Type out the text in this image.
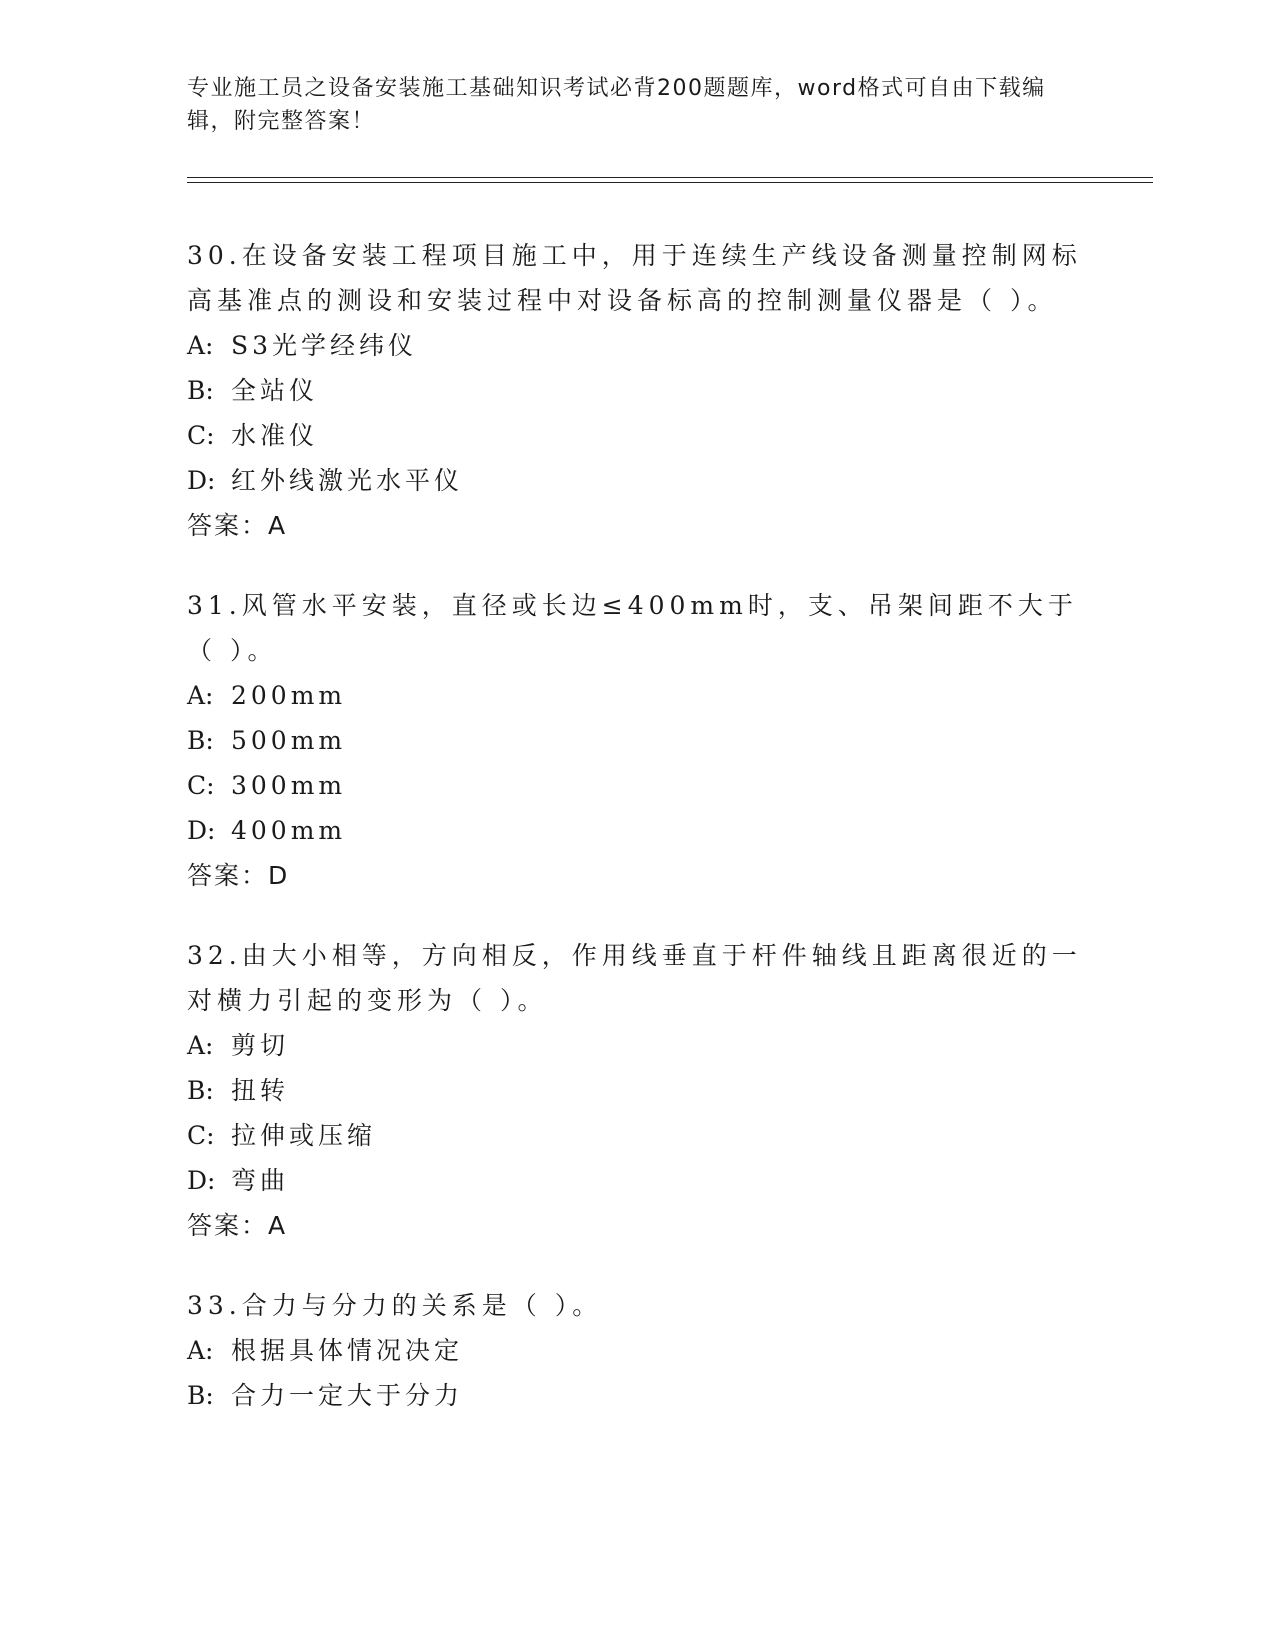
专业施工员之设备安装施工基础知识考试必背200题题库，word格式可自由下载编辑，附完整答案！

30.在设备安装工程项目施工中，用于连续生产线设备测量控制网标高基准点的测设和安装过程中对设备标高的控制测量仪器是（ ）。

A: S3光学经纬仪

B: 全站仪

C: 水准仪

D: 红外线激光水平仪

答案：A

31.风管水平安装，直径或长边≤400mm时，支、吊架间距不大于（ ）。

A: 200mm

B: 500mm

C: 300mm

D: 400mm

答案：D

32.由大小相等，方向相反，作用线垂直于杆件轴线且距离很近的一对横力引起的变形为（ ）。

A: 剪切

B: 扭转

C: 拉伸或压缩

D: 弯曲

答案：A

33.合力与分力的关系是（ ）。

A: 根据具体情况决定

B: 合力一定大于分力
